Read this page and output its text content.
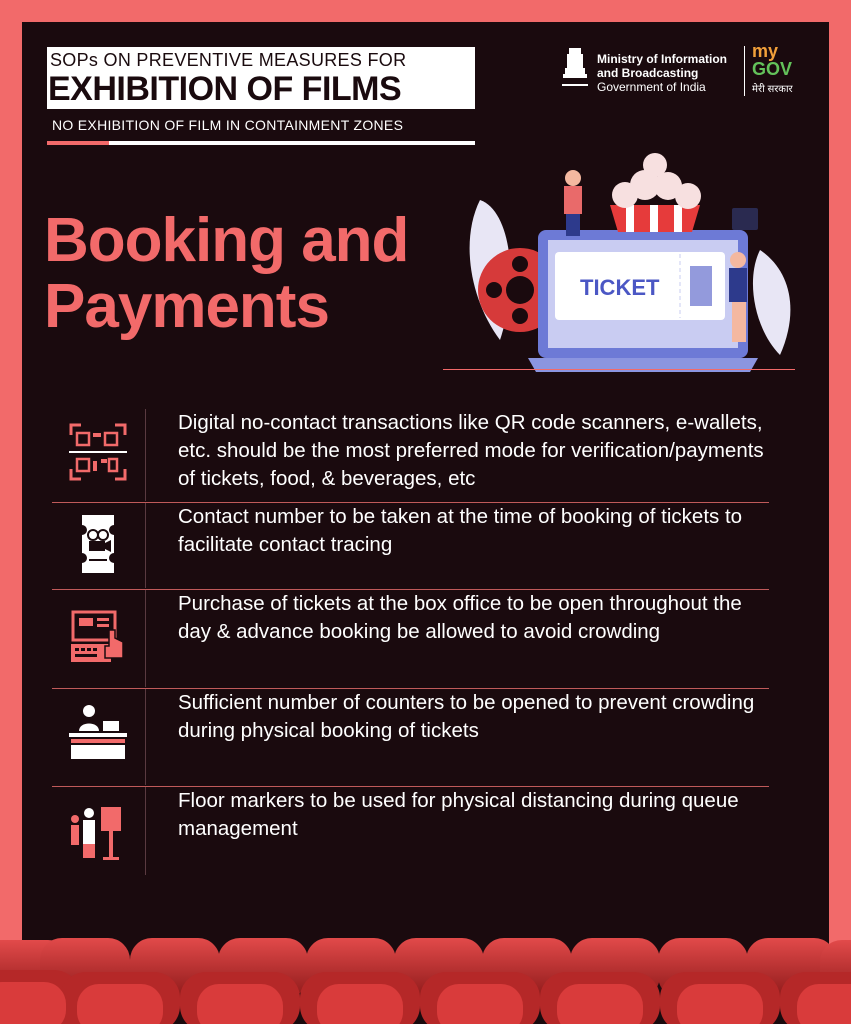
SOPs ON PREVENTIVE MEASURES FOR
EXHIBITION OF FILMS
NO EXHIBITION OF FILM IN CONTAINMENT ZONES
Ministry of Information
and Broadcasting
Government of India
my
GOV
मेरी सरकार
Booking and
Payments	TICKET
Digital no-contact transactions like QR code scanners, e-wallets, etc. should be the most preferred mode for verification/payments of tickets, food, & beverages, etc
Contact number to be taken at the time of booking of tickets to facilitate contact tracing
Purchase of tickets at the box office to be open throughout the day & advance booking be allowed to avoid crowding
Sufficient number of counters to be opened to prevent crowding during physical booking of tickets
Floor markers to be used for physical distancing during queue management
